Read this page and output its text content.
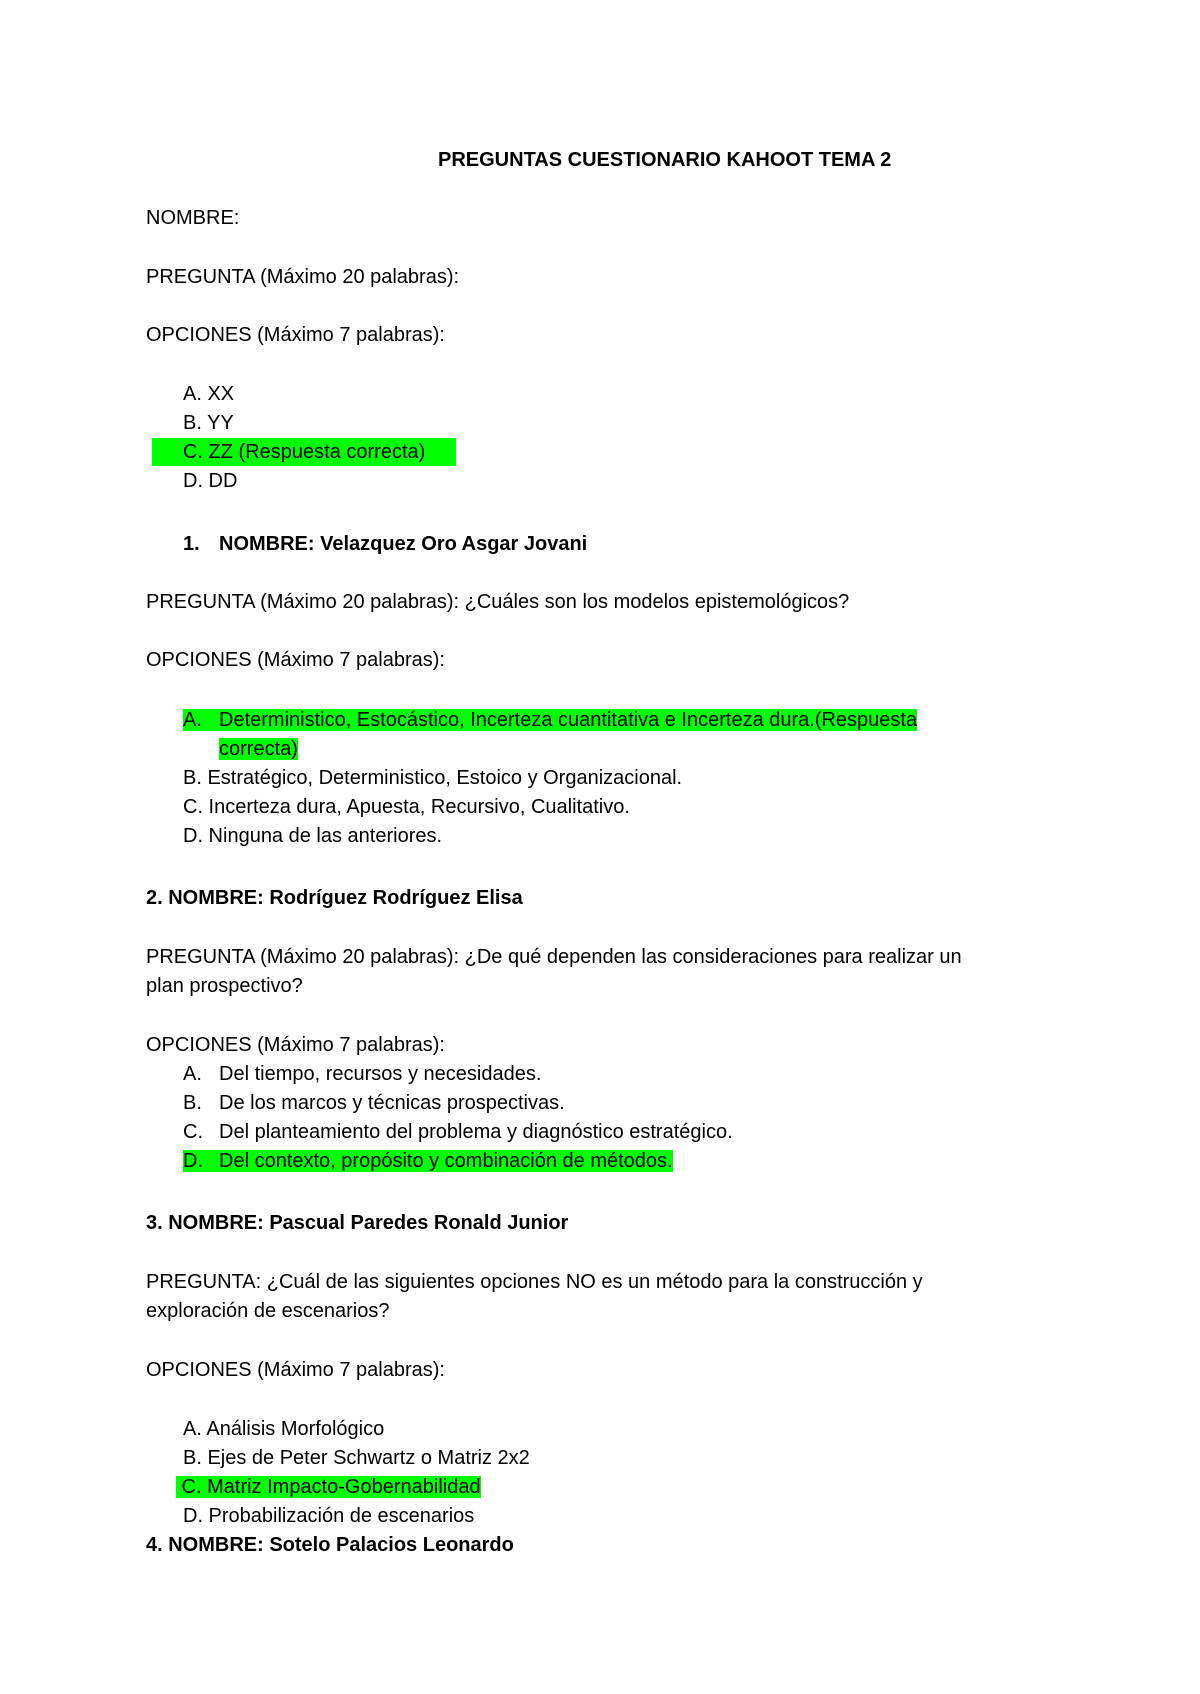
PREGUNTAS CUESTIONARIO KAHOOT TEMA 2
NOMBRE:
PREGUNTA (Máximo 20 palabras):
OPCIONES (Máximo 7 palabras):
A. XX
B. YY
C. ZZ (Respuesta correcta)
D. DD
1. NOMBRE: Velazquez Oro Asgar Jovani
PREGUNTA (Máximo 20 palabras): ¿Cuáles son los modelos epistemológicos?
OPCIONES (Máximo 7 palabras):
A. Deterministico, Estocástico, Incerteza cuantitativa e Incerteza dura.(Respuesta
correcta)
B. Estratégico, Deterministico, Estoico y Organizacional.
C. Incerteza dura, Apuesta, Recursivo, Cualitativo.
D. Ninguna de las anteriores.
2. NOMBRE: Rodríguez Rodríguez Elisa
PREGUNTA (Máximo 20 palabras): ¿De qué dependen las consideraciones para realizar un
plan prospectivo?
OPCIONES (Máximo 7 palabras):
A. Del tiempo, recursos y necesidades.
B. De los marcos y técnicas prospectivas.
C. Del planteamiento del problema y diagnóstico estratégico.
D. Del contexto, propósito y combinación de métodos.
3. NOMBRE: Pascual Paredes Ronald Junior
PREGUNTA: ¿Cuál de las siguientes opciones NO es un método para la construcción y
exploración de escenarios?
OPCIONES (Máximo 7 palabras):
A. Análisis Morfológico
B. Ejes de Peter Schwartz o Matriz 2x2
C. Matriz Impacto-Gobernabilidad
D. Probabilización de escenarios
4. NOMBRE: Sotelo Palacios Leonardo
